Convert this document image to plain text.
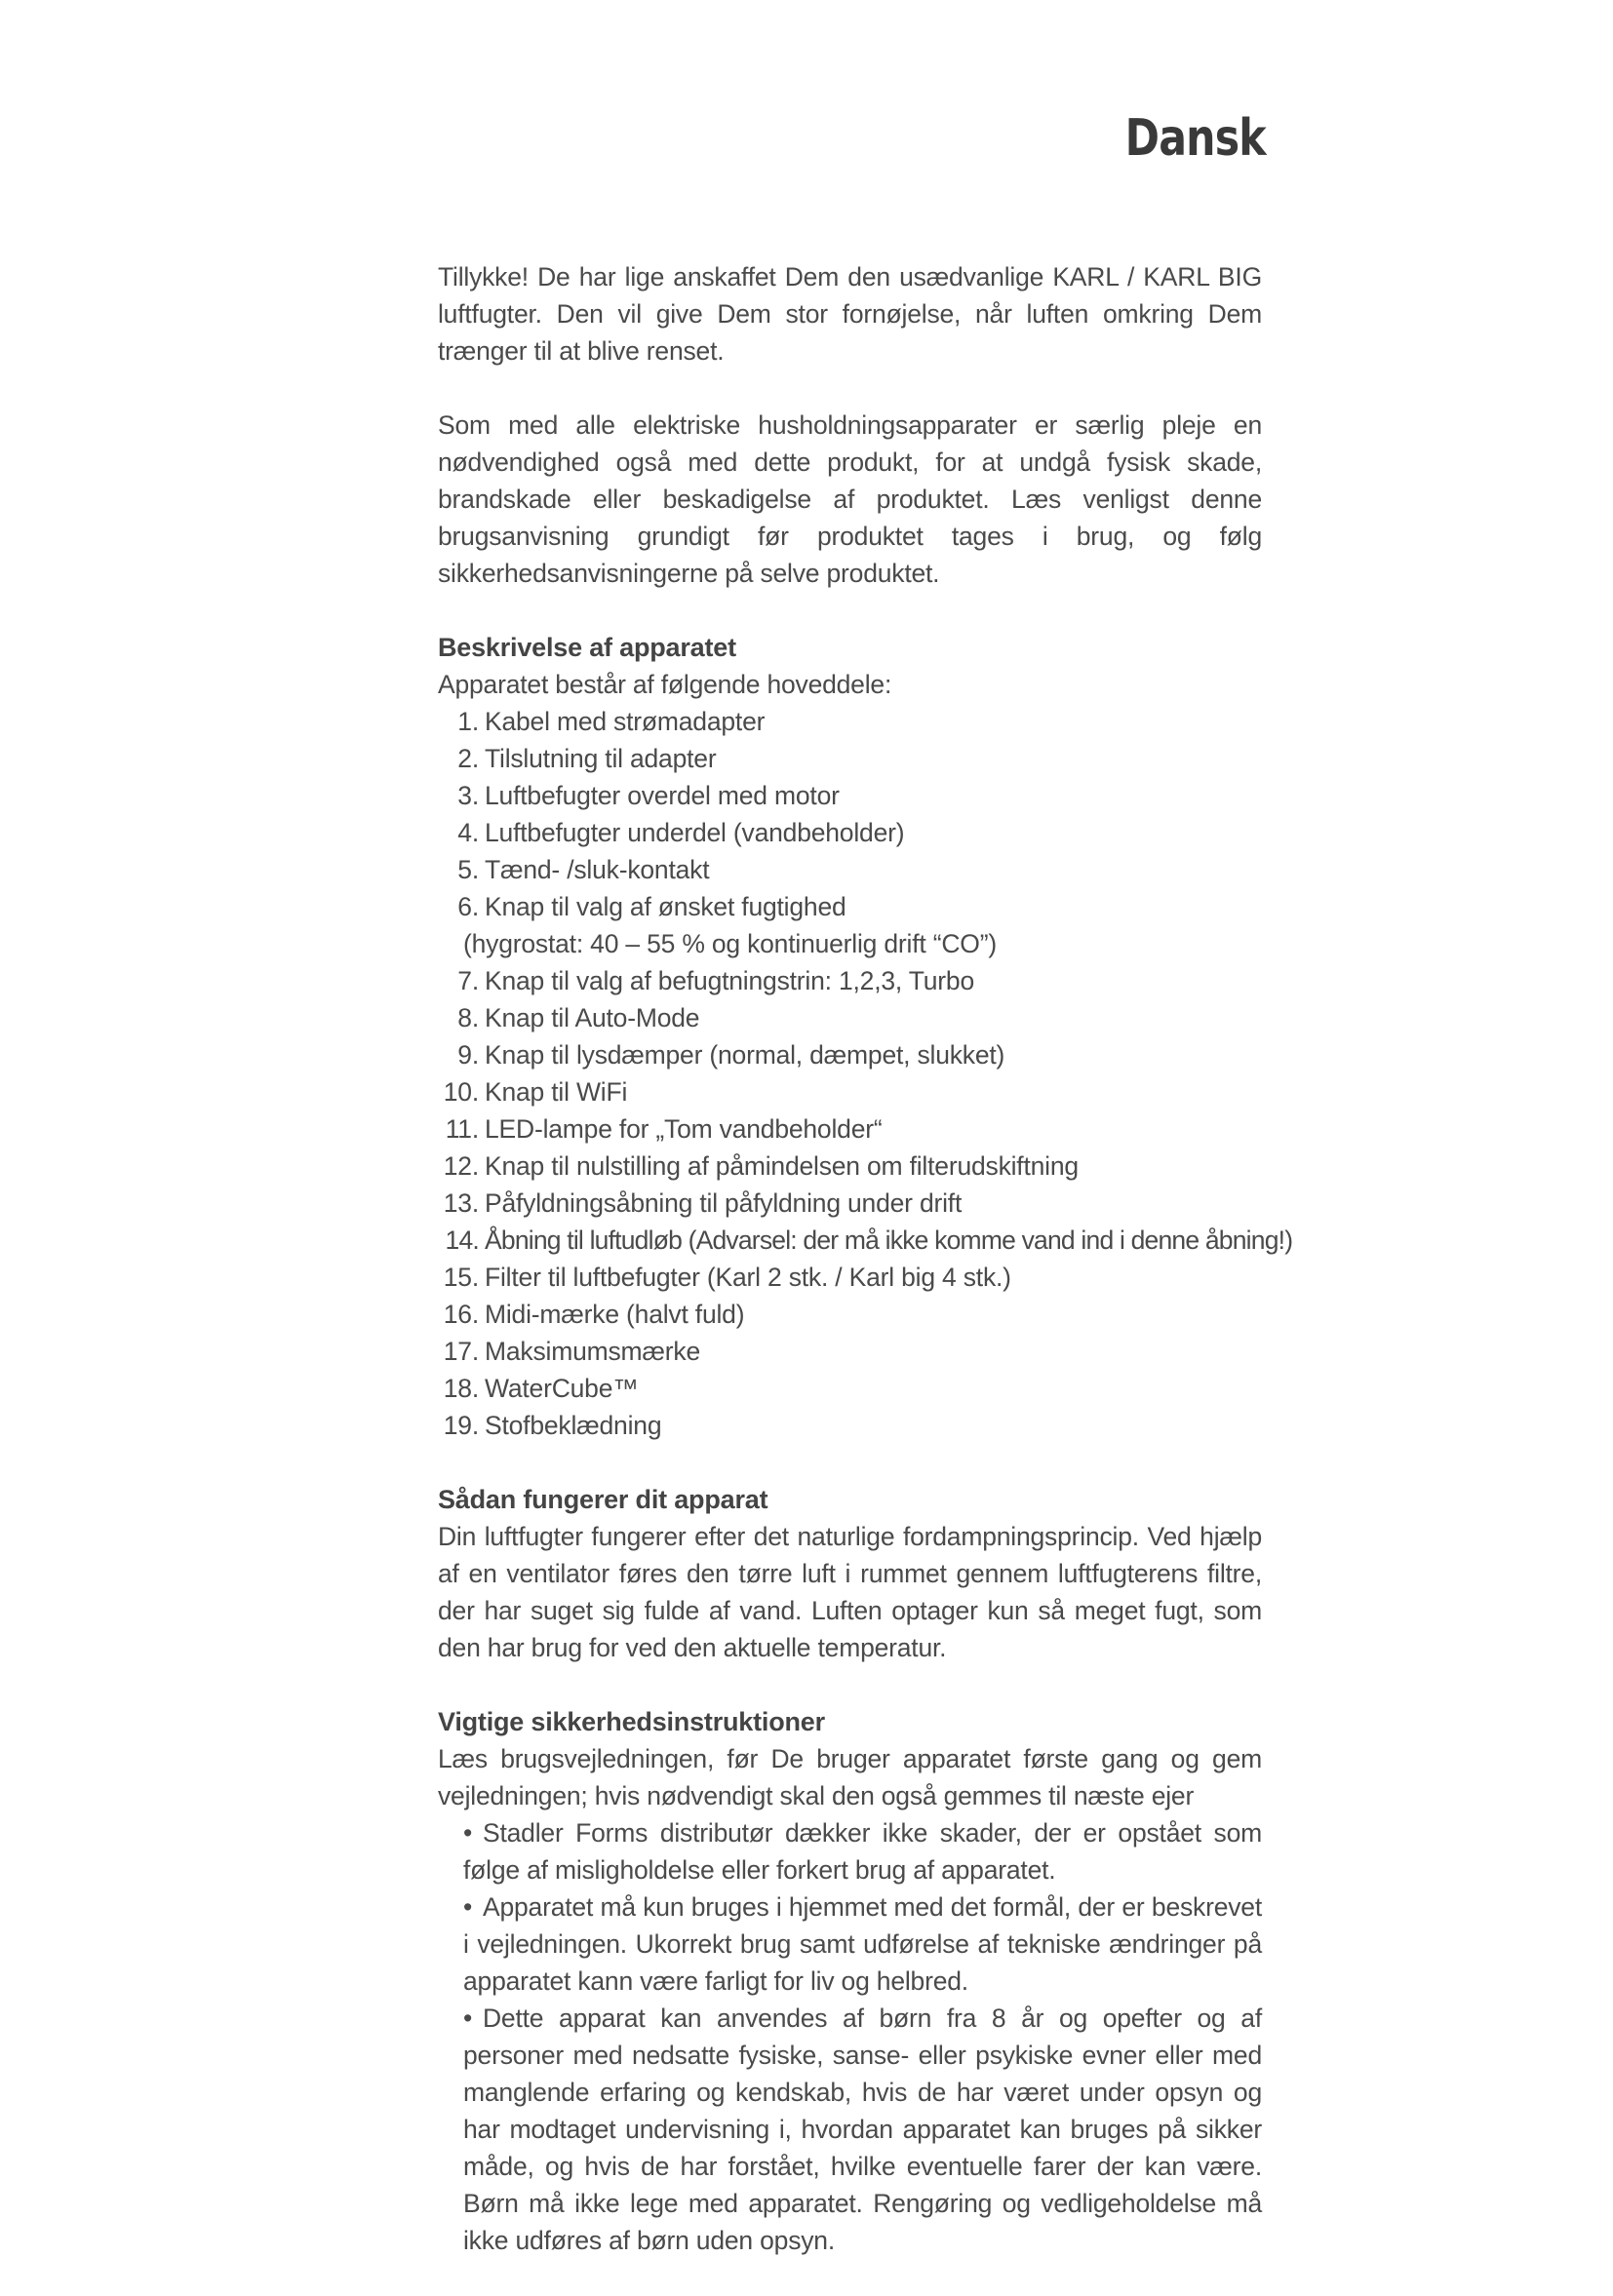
Dansk

Tillykke! De har lige anskaffet Dem den usædvanlige KARL / KARL BIG luftfugter. Den vil give Dem stor fornøjelse, når luften omkring Dem trænger til at blive renset.

Som med alle elektriske husholdningsapparater er særlig pleje en nødvendighed også med dette produkt, for at undgå fysisk skade, brandskade eller beskadigelse af produktet. Læs venligst denne brugsanvisning grundigt før produktet tages i brug, og følg sikkerhedsanvisningerne på selve produktet.

Beskrivelse af apparatet

Apparatet består af følgende hoveddele:

1. Kabel med strømadapter
2. Tilslutning til adapter
3. Luftbefugter overdel med motor
4. Luftbefugter underdel (vandbeholder)
5. Tænd- /sluk-kontakt
6. Knap til valg af ønsket fugtighed
(hygrostat: 40 – 55 % og kontinuerlig drift “CO”)
7. Knap til valg af befugtningstrin: 1,2,3, Turbo
8. Knap til Auto-Mode
9. Knap til lysdæmper (normal, dæmpet, slukket)
10. Knap til WiFi
11. LED-lampe for „Tom vandbeholder“
12. Knap til nulstilling af påmindelsen om filterudskiftning
13. Påfyldningsåbning til påfyldning under drift
14. Åbning til luftudløb (Advarsel: der må ikke komme vand ind i denne åbning!)
15. Filter til luftbefugter (Karl 2 stk. / Karl big 4 stk.)
16. Midi-mærke (halvt fuld)
17. Maksimumsmærke
18. WaterCube™
19. Stofbeklædning
Sådan fungerer dit apparat

Din luftfugter fungerer efter det naturlige fordampningsprincip. Ved hjælp af en ventilator føres den tørre luft i rummet gennem luftfugterens filtre, der har suget sig fulde af vand. Luften optager kun så meget fugt, som den har brug for ved den aktuelle temperatur.

Vigtige sikkerhedsinstruktioner

Læs brugsvejledningen, før De bruger apparatet første gang og gem vejledningen; hvis nødvendigt skal den også gemmes til næste ejer

• Stadler Forms distributør dækker ikke skader, der er opstået som følge af misligholdelse eller forkert brug af apparatet.
• Apparatet må kun bruges i hjemmet med det formål, der er beskrevet i vejledningen. Ukorrekt brug samt udførelse af tekniske ændringer på apparatet kann være farligt for liv og helbred.
• Dette apparat kan anvendes af børn fra 8 år og opefter og af personer med nedsatte fysiske, sanse- eller psykiske evner eller med manglende erfaring og kendskab, hvis de har været under opsyn og har modtaget undervisning i, hvordan apparatet kan bruges på sikker måde, og hvis de har forstået, hvilke eventuelle farer der kan være. Børn må ikke lege med apparatet. Rengøring og vedligeholdelse må ikke udføres af børn uden opsyn.
